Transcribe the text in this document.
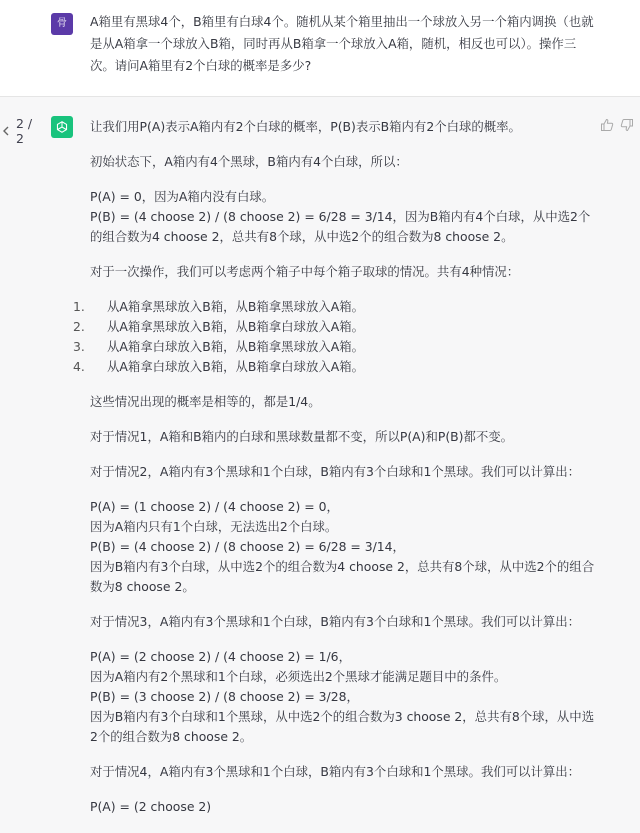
骨	A箱里有黑球4个，B箱里有白球4个。随机从某个箱里抽出一个球放入另一个箱内调换（也就是从A箱拿一个球放入B箱，同时再从B箱拿一个球放入A箱，随机，相反也可以）。操作三次。请问A箱里有2个白球的概率是多少?
2 / 2

让我们用P(A)表示A箱内有2个白球的概率，P(B)表示B箱内有2个白球的概率。

初始状态下，A箱内有4个黑球，B箱内有4个白球，所以：

P(A) = 0，因为A箱内没有白球。
P(B) = (4 choose 2) / (8 choose 2) = 6/28 = 3/14，因为B箱内有4个白球，从中选2个的组合数为4 choose 2，总共有8个球，从中选2个的组合数为8 choose 2。

对于一次操作，我们可以考虑两个箱子中每个箱子取球的情况。共有4种情况：

1.	从A箱拿黑球放入B箱，从B箱拿黑球放入A箱。
2.	从A箱拿黑球放入B箱，从B箱拿白球放入A箱。
3.	从A箱拿白球放入B箱，从B箱拿黑球放入A箱。
4.	从A箱拿白球放入B箱，从B箱拿白球放入A箱。

这些情况出现的概率是相等的，都是1/4。

对于情况1，A箱和B箱内的白球和黑球数量都不变，所以P(A)和P(B)都不变。

对于情况2，A箱内有3个黑球和1个白球，B箱内有3个白球和1个黑球。我们可以计算出：

P(A) = (1 choose 2) / (4 choose 2) = 0，
因为A箱内只有1个白球，无法选出2个白球。
P(B) = (4 choose 2) / (8 choose 2) = 6/28 = 3/14，
因为B箱内有3个白球，从中选2个的组合数为4 choose 2，总共有8个球，从中选2个的组合数为8 choose 2。

对于情况3，A箱内有3个黑球和1个白球，B箱内有3个白球和1个黑球。我们可以计算出：

P(A) = (2 choose 2) / (4 choose 2) = 1/6，
因为A箱内有2个黑球和1个白球，必须选出2个黑球才能满足题目中的条件。
P(B) = (3 choose 2) / (8 choose 2) = 3/28，
因为B箱内有3个白球和1个黑球，从中选2个的组合数为3 choose 2，总共有8个球，从中选2个的组合数为8 choose 2。

对于情况4，A箱内有3个黑球和1个白球，B箱内有3个白球和1个黑球。我们可以计算出：

P(A) = (2 choose 2)
